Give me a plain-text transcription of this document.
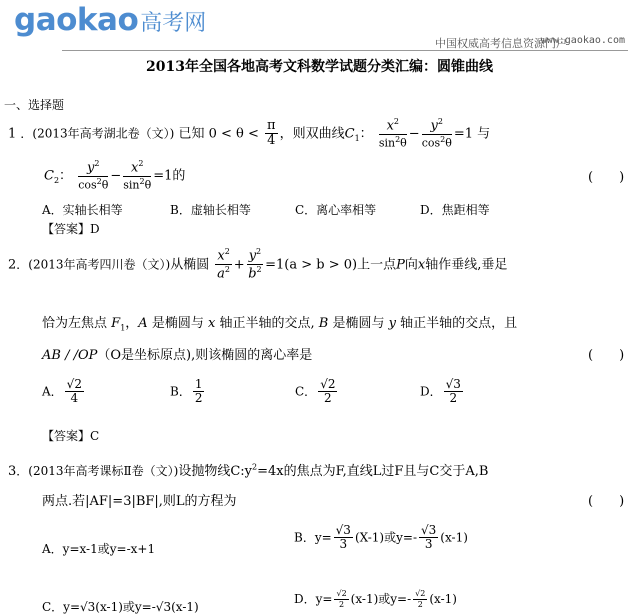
gaokao高考网
中国权威高考信息资源门户
www.gaokao.com
2013年全国各地高考文科数学试题分类汇编：圆锥曲线
一、选择题
1 ．(2013年高考湖北卷（文）) 已知 $0 < \theta < \frac{\pi}{4}$ ，则双曲线$C_1$： $\frac{x^2}{\sin^2\theta} - \frac{y^2}{\cos^2\theta} =1$ 与
$C_2$： $\frac{y^2}{\cos^2\theta} - \frac{x^2}{\sin^2\theta} =1$的	(　　)
A．实轴长相等	B．虚轴长相等	C．离心率相等	D．焦距相等
【答案】D
2．(2013年高考四川卷（文）)从椭圆 $\frac{x^2}{a^2} + \frac{y^2}{b^2} =1(a > b > 0)$上一点P向x轴作垂线,垂足
恰为左焦点 $F_1$，A 是椭圆与 x 轴正半轴的交点, B 是椭圆与 y 轴正半轴的交点，且
AB / /OP（O是坐标原点),则该椭圆的离心率是	(　　)
A． $\frac{√2}{4}$	B． $\frac{1}{2}$	C． $\frac{√2}{2}$	D． $\frac{√3}{2}$
【答案】C
3．(2013年高考课标Ⅱ卷（文）)设抛物线$C:y^2=4x$的焦点为F,直线L过F且与C交于A,B
两点.若|AF|=3|BF|,则L的方程为	(　　)
A．y=x-1或y=-x+1
B．$y= \frac{√3}{3} (X-1)$或$y=- \frac{√3}{3} (x-1)$
C．y=√3(x-1)或y=-√3(x-1)
D．$y= \frac{√2}{2} (x-1)$或$y=- \frac{√2}{2} (x-1)$
